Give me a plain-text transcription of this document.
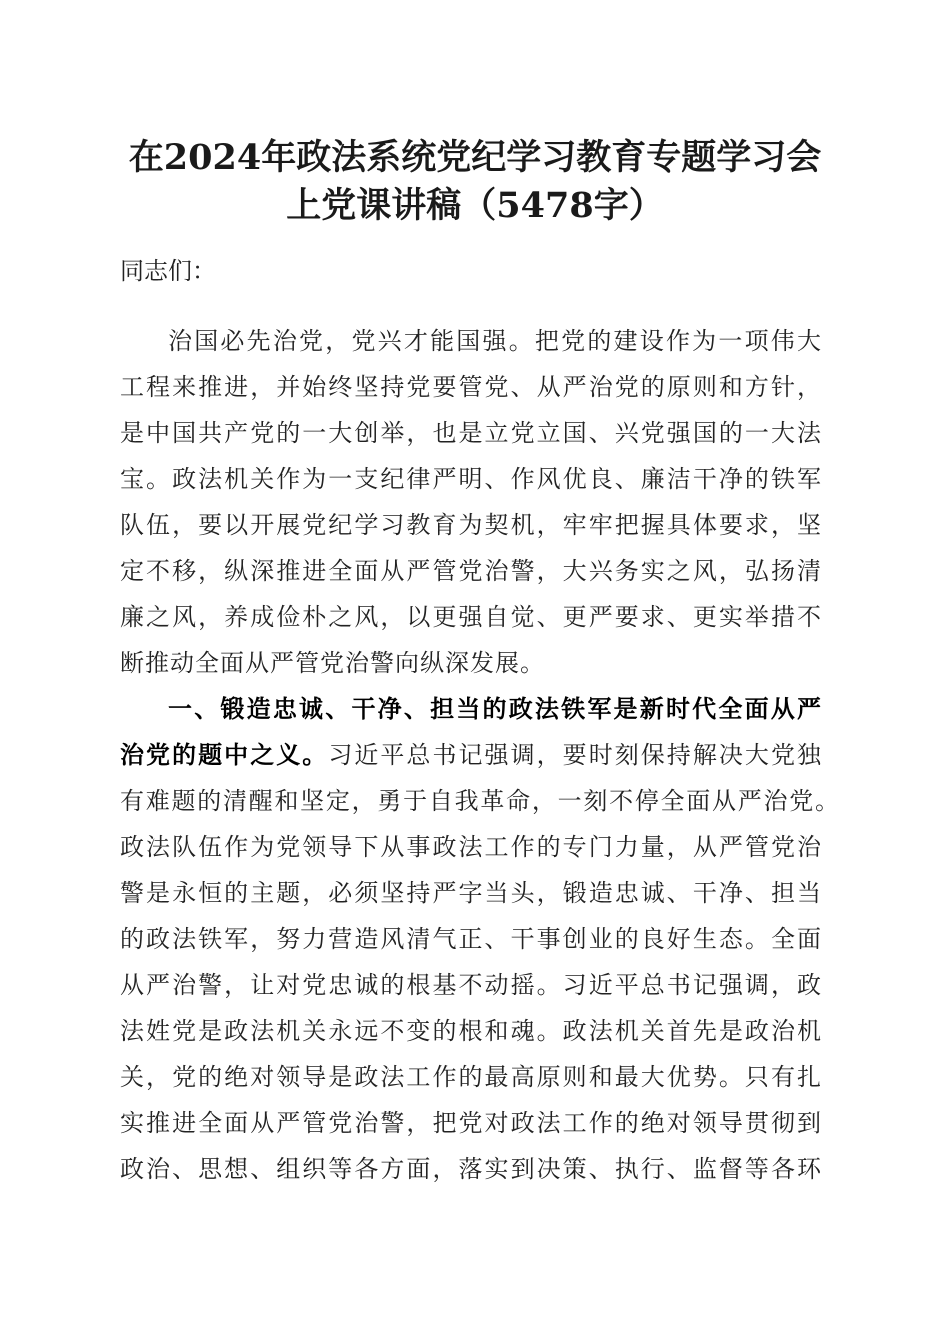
在2024年政法系统党纪学习教育专题学习会
上党课讲稿（5478字）
同志们：
治国必先治党，党兴才能国强。把党的建设作为一项伟大
工程来推进，并始终坚持党要管党、从严治党的原则和方针，
是中国共产党的一大创举，也是立党立国、兴党强国的一大法
宝。政法机关作为一支纪律严明、作风优良、廉洁干净的铁军
队伍，要以开展党纪学习教育为契机，牢牢把握具体要求，坚
定不移，纵深推进全面从严管党治警，大兴务实之风，弘扬清
廉之风，养成俭朴之风，以更强自觉、更严要求、更实举措不
断推动全面从严管党治警向纵深发展。
一、锻造忠诚、干净、担当的政法铁军是新时代全面从严
治党的题中之义。习近平总书记强调，要时刻保持解决大党独
有难题的清醒和坚定，勇于自我革命，一刻不停全面从严治党。
政法队伍作为党领导下从事政法工作的专门力量，从严管党治
警是永恒的主题，必须坚持严字当头，锻造忠诚、干净、担当
的政法铁军，努力营造风清气正、干事创业的良好生态。全面
从严治警，让对党忠诚的根基不动摇。习近平总书记强调，政
法姓党是政法机关永远不变的根和魂。政法机关首先是政治机
关，党的绝对领导是政法工作的最高原则和最大优势。只有扎
实推进全面从严管党治警，把党对政法工作的绝对领导贯彻到
政治、思想、组织等各方面，落实到决策、执行、监督等各环
